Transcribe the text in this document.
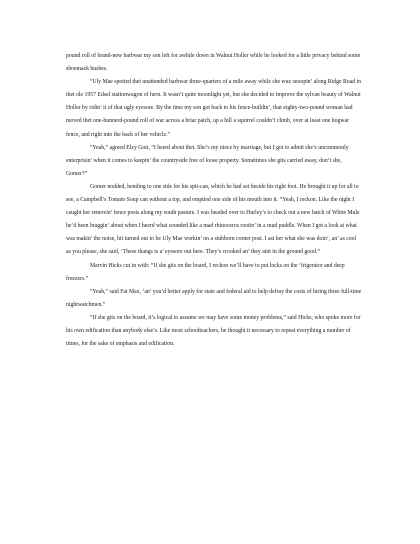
pound roll of brand-new barbwar my son left for awhile down in Walnut Holler while he looked for a little privacy behind some shoemack bushes.

“Uly Mae spotted thet unattended barbwar three-quarters of a mile away while she wuz snoopin’ along Ridge Road in thet ole 1957 Edsel stationwagon of hern. It wasn’t quite moonlight yet, but she decided to improve the sylvan beauty of Walnut Holler by ridin’ it of that ugly eyesore. By the time my son got back to his fence-buildin’, that eighty-two-pound woman had moved thet one-hunnerd-pound roll of war across a briar patch, up a hill a squirrel couldn’t climb, over at least one hogwar fence, and right into the back of her vehicle.”

“Yeah,” agreed Elzy Gott, “I heerd about thet. She’s my niece by marriage, but I got to admit she’s uncommonly enterprisin’ when it comes to keepin’ the countryside free of loose property. Sometimes she gits carried away, don’t she, Gomer?”

Gomer nodded, bending to one side for his spit-can, which he had set beside his right foot. He brought it up for all to see, a Campbell’s Tomato Soup can without a top, and emptied one side of his mouth into it. “Yeah, I reckon. Like the night I caught her removin’ fence posts along my south pasture. I was headed over to Hurley’s to check out a new batch of White Mule he’d been braggin’ about when I heerd what sounded like a mad rhinoceros rootin’ in a mud puddle. When I got a look at what was makin’ the noise, hit turned out to be Uly Mae workin’ on a stubborn corner post. I ast her what she was doin’, an’ as cool as you please, she said, ‘These thangs is a’ eyesore out here. They’s crooked an’ they aint in the ground good.”

Marvin Hicks cut in with: “If she gits on the board, I reckon we’ll have to put locks on the ‘frigerator and deep freezers.”

“Yeah,” said Fat Max, ‘an’ you’d better apply for state and federal aid to help defray the costs of hiring three full-time nightwatchmen.”

“If she gits on the board, it’s logical to assume we may have some money problems,” said Hicks, who spoke more for his own edification than anybody else’s. Like most schoolteachers, he thought it necessary to repeat everything a number of times, for the sake of emphasis and edification.
